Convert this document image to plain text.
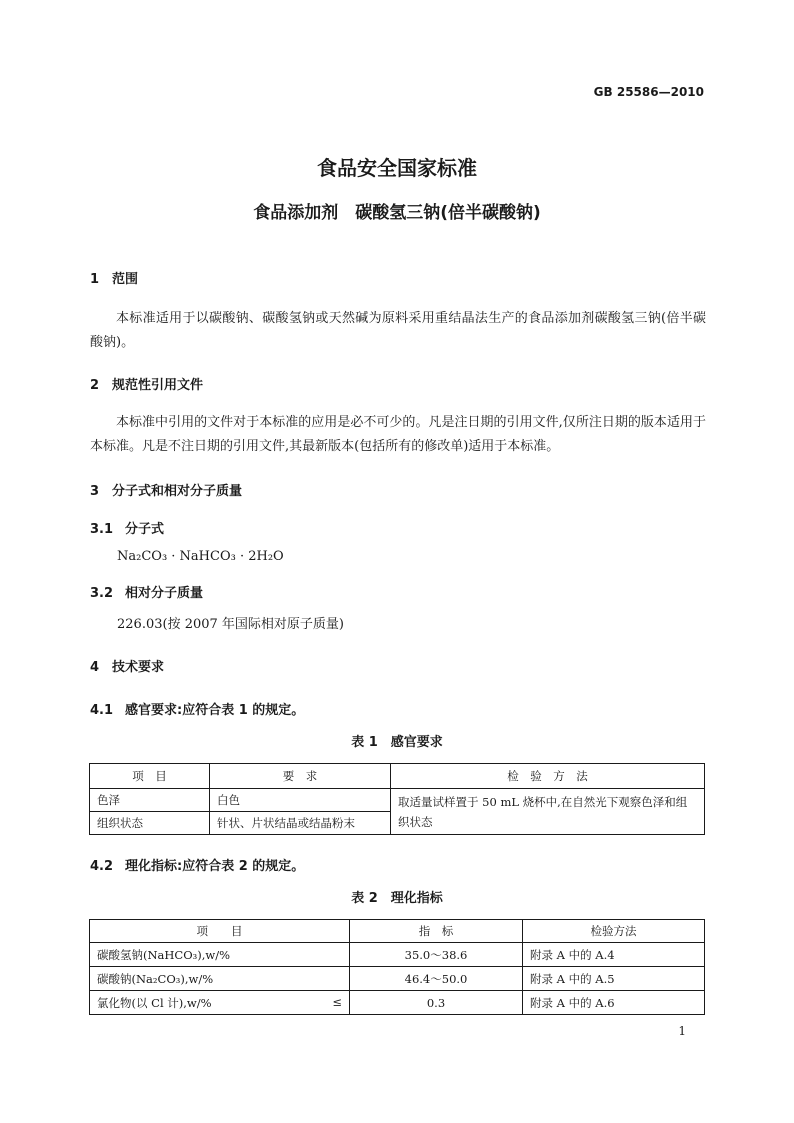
GB 25586—2010
食品安全国家标准
食品添加剂　碳酸氢三钠(倍半碳酸钠)
1 范围
本标准适用于以碳酸钠、碳酸氢钠或天然碱为原料采用重结晶法生产的食品添加剂碳酸氢三钠(倍半碳酸钠)。
2 规范性引用文件
本标准中引用的文件对于本标准的应用是必不可少的。凡是注日期的引用文件,仅所注日期的版本适用于本标准。凡是不注日期的引用文件,其最新版本(包括所有的修改单)适用于本标准。
3 分子式和相对分子质量
3.1 分子式
Na₂CO₃ · NaHCO₃ · 2H₂O
3.2 相对分子质量
226.03(按 2007 年国际相对原子质量)
4 技术要求
4.1 感官要求:应符合表 1 的规定。
表 1　感官要求
项　目	要　求	检　验　方　法
色泽	白色	取适量试样置于 50 mL 烧杯中,在自然光下观察色泽和组织状态
组织状态	针状、片状结晶或结晶粉末	
4.2 理化指标:应符合表 2 的规定。
表 2　理化指标
项　　目	指　标	检验方法
碳酸氢钠(NaHCO₃),w/%	35.0～38.6	附录 A 中的 A.4
碳酸钠(Na₂CO₃),w/%	46.4～50.0	附录 A 中的 A.5
氯化物(以 Cl 计),w/% ≤	0.3	附录 A 中的 A.6
1
